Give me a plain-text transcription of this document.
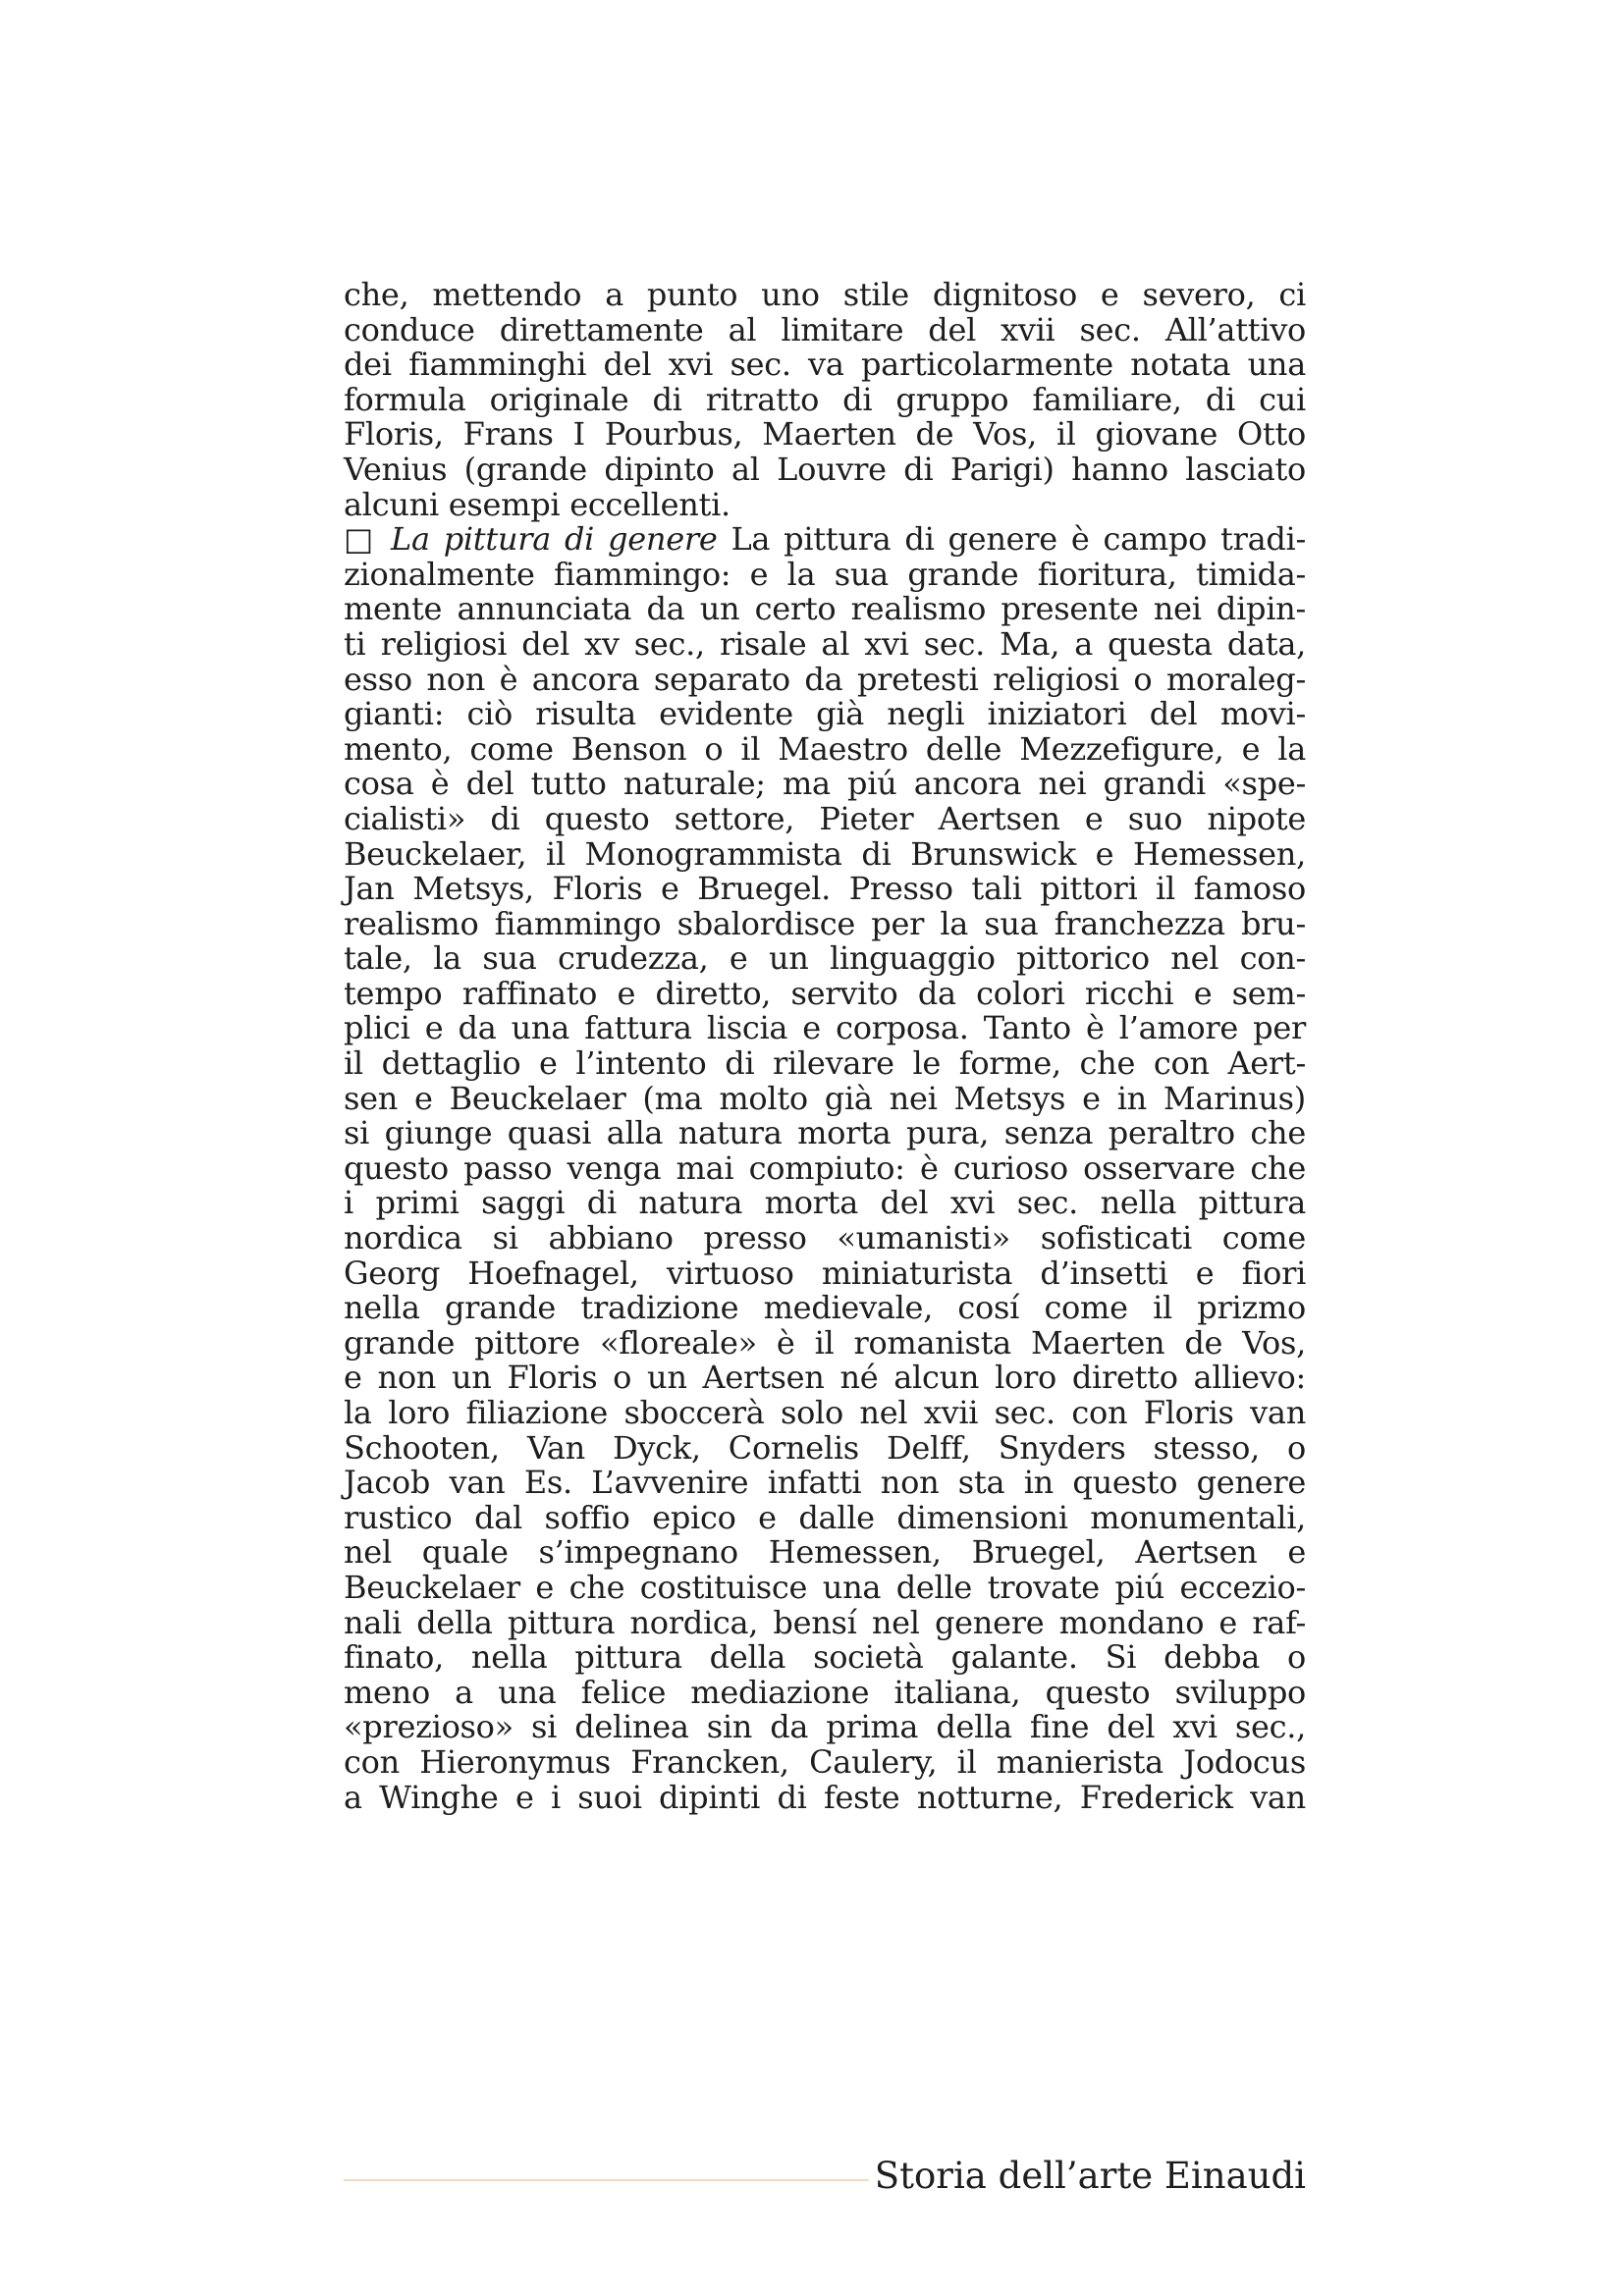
che, mettendo a punto uno stile dignitoso e severo, ci
conduce direttamente al limitare del xvii sec. All’attivo
dei fiamminghi del xvi sec. va particolarmente notata una
formula originale di ritratto di gruppo familiare, di cui
Floris, Frans I Pourbus, Maerten de Vos, il giovane Otto
Venius (grande dipinto al Louvre di Parigi) hanno lasciato
alcuni esempi eccellenti.
□ La pittura di genere La pittura di genere è campo tradi-
zionalmente fiammingo: e la sua grande fioritura, timida-
mente annunciata da un certo realismo presente nei dipin-
ti religiosi del xv sec., risale al xvi sec. Ma, a questa data,
esso non è ancora separato da pretesti religiosi o moraleg-
gianti: ciò risulta evidente già negli iniziatori del movi-
mento, come Benson o il Maestro delle Mezzefigure, e la
cosa è del tutto naturale; ma piú ancora nei grandi «spe-
cialisti» di questo settore, Pieter Aertsen e suo nipote
Beuckelaer, il Monogrammista di Brunswick e Hemessen,
Jan Metsys, Floris e Bruegel. Presso tali pittori il famoso
realismo fiammingo sbalordisce per la sua franchezza bru-
tale, la sua crudezza, e un linguaggio pittorico nel con-
tempo raffinato e diretto, servito da colori ricchi e sem-
plici e da una fattura liscia e corposa. Tanto è l’amore per
il dettaglio e l’intento di rilevare le forme, che con Aert-
sen e Beuckelaer (ma molto già nei Metsys e in Marinus)
si giunge quasi alla natura morta pura, senza peraltro che
questo passo venga mai compiuto: è curioso osservare che
i primi saggi di natura morta del xvi sec. nella pittura
nordica si abbiano presso «umanisti» sofisticati come
Georg Hoefnagel, virtuoso miniaturista d’insetti e fiori
nella grande tradizione medievale, cosí come il prizmo
grande pittore «floreale» è il romanista Maerten de Vos,
e non un Floris o un Aertsen né alcun loro diretto allievo:
la loro filiazione sboccerà solo nel xvii sec. con Floris van
Schooten, Van Dyck, Cornelis Delff, Snyders stesso, o
Jacob van Es. L’avvenire infatti non sta in questo genere
rustico dal soffio epico e dalle dimensioni monumentali,
nel quale s’impegnano Hemessen, Bruegel, Aertsen e
Beuckelaer e che costituisce una delle trovate piú eccezio-
nali della pittura nordica, bensí nel genere mondano e raf-
finato, nella pittura della società galante. Si debba o
meno a una felice mediazione italiana, questo sviluppo
«prezioso» si delinea sin da prima della fine del xvi sec.,
con Hieronymus Francken, Caulery, il manierista Jodocus
a Winghe e i suoi dipinti di feste notturne, Frederick van
Storia dell’arte Einaudi
